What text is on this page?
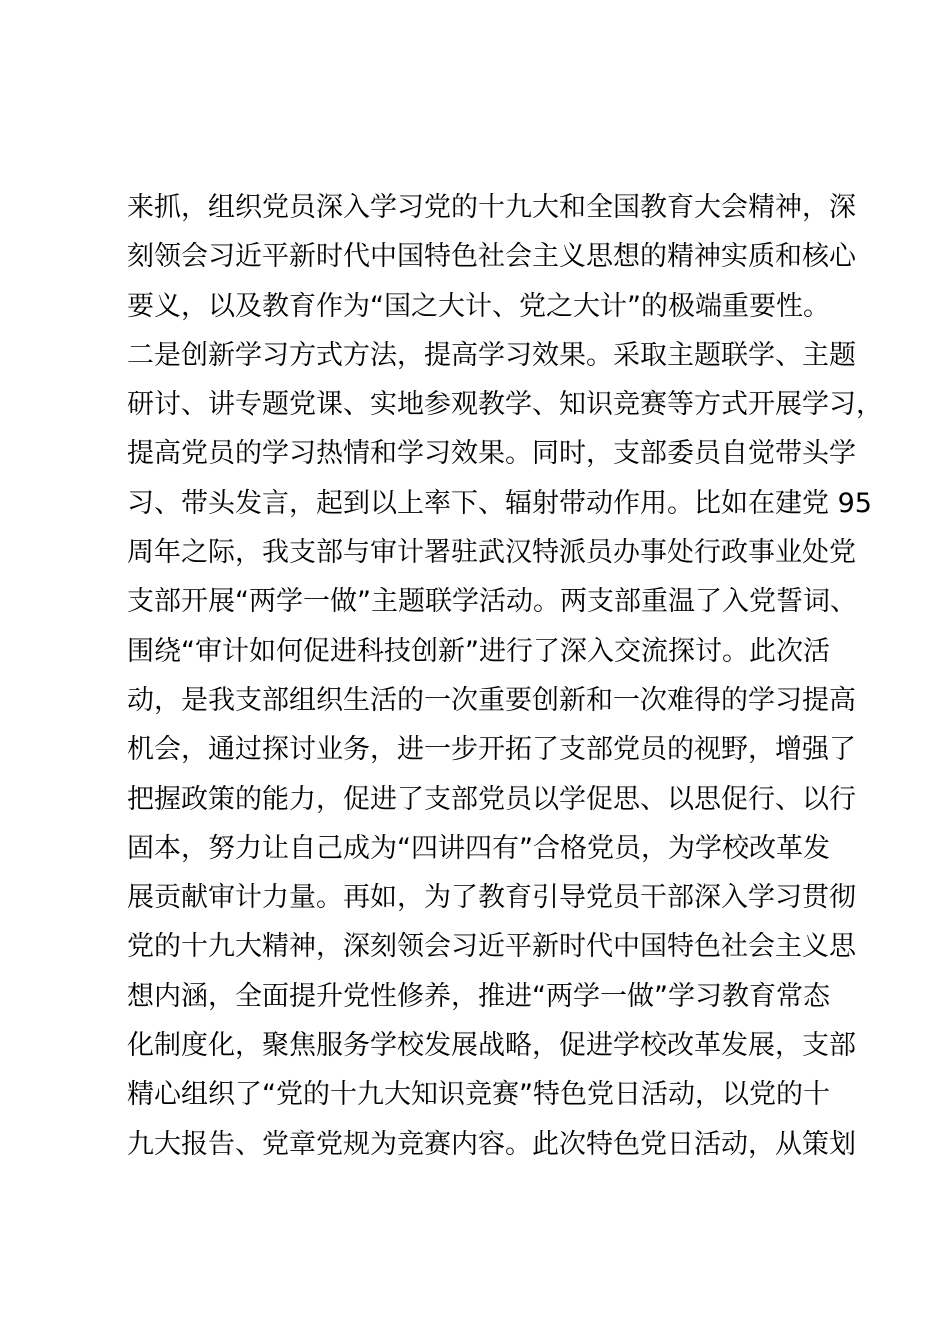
来抓，组织党员深入学习党的十九大和全国教育大会精神，深
刻领会习近平新时代中国特色社会主义思想的精神实质和核心
要义，以及教育作为“国之大计、党之大计”的极端重要性。
二是创新学习方式方法，提高学习效果。采取主题联学、主题
研讨、讲专题党课、实地参观教学、知识竞赛等方式开展学习，
提高党员的学习热情和学习效果。同时，支部委员自觉带头学
习、带头发言，起到以上率下、辐射带动作用。比如在建党 95
周年之际，我支部与审计署驻武汉特派员办事处行政事业处党
支部开展“两学一做”主题联学活动。两支部重温了入党誓词、
围绕“审计如何促进科技创新”进行了深入交流探讨。此次活
动，是我支部组织生活的一次重要创新和一次难得的学习提高
机会，通过探讨业务，进一步开拓了支部党员的视野，增强了
把握政策的能力，促进了支部党员以学促思、以思促行、以行
固本，努力让自己成为“四讲四有”合格党员，为学校改革发
展贡献审计力量。再如，为了教育引导党员干部深入学习贯彻
党的十九大精神，深刻领会习近平新时代中国特色社会主义思
想内涵，全面提升党性修养，推进“两学一做”学习教育常态
化制度化，聚焦服务学校发展战略，促进学校改革发展，支部
精心组织了“党的十九大知识竞赛”特色党日活动，以党的十
九大报告、党章党规为竞赛内容。此次特色党日活动，从策划
